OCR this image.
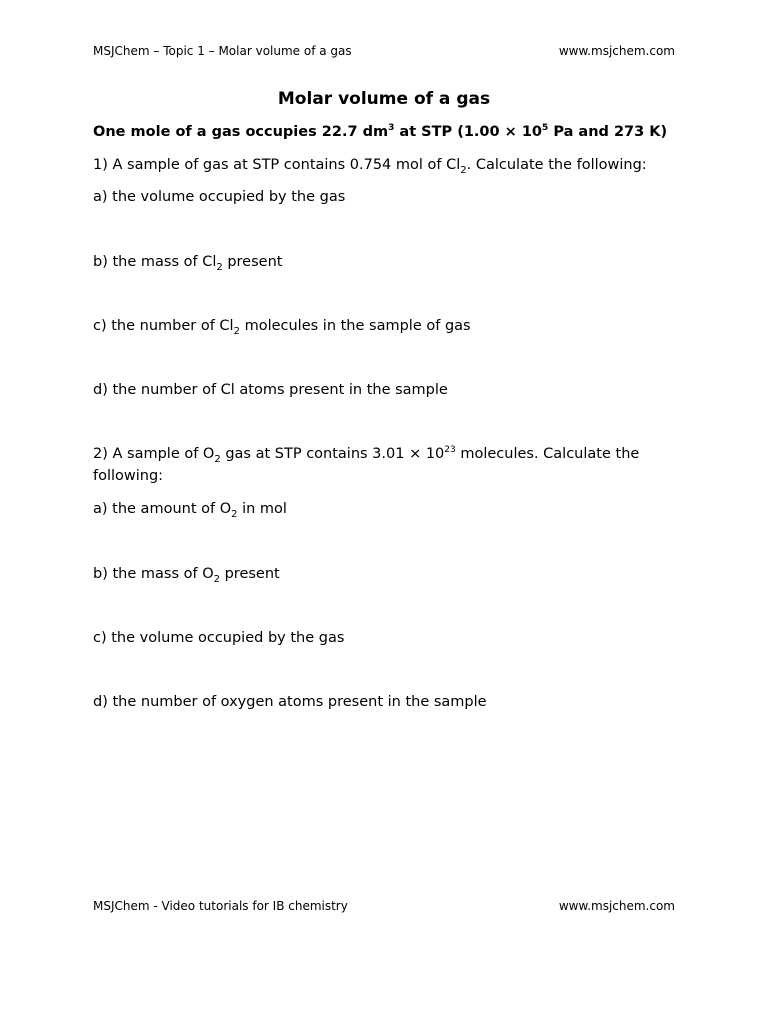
MSJChem – Topic 1 – Molar volume of a gas	www.msjchem.com
Molar volume of a gas
One mole of a gas occupies 22.7 $dm^3$ at STP ($1.00 \times 10^5$ Pa and 273 K)
1) A sample of gas at STP contains 0.754 mol of $Cl_2$. Calculate the following:
a) the volume occupied by the gas
b) the mass of $Cl_2$ present
c) the number of $Cl_2$ molecules in the sample of gas
d) the number of Cl atoms present in the sample
2) A sample of $O_2$ gas at STP contains $3.01 \times 10^{23}$ molecules. Calculate the
following:
a) the amount of $O_2$ in mol
b) the mass of $O_2$ present
c) the volume occupied by the gas
d) the number of oxygen atoms present in the sample
MSJChem - Video tutorials for IB chemistry	www.msjchem.com
